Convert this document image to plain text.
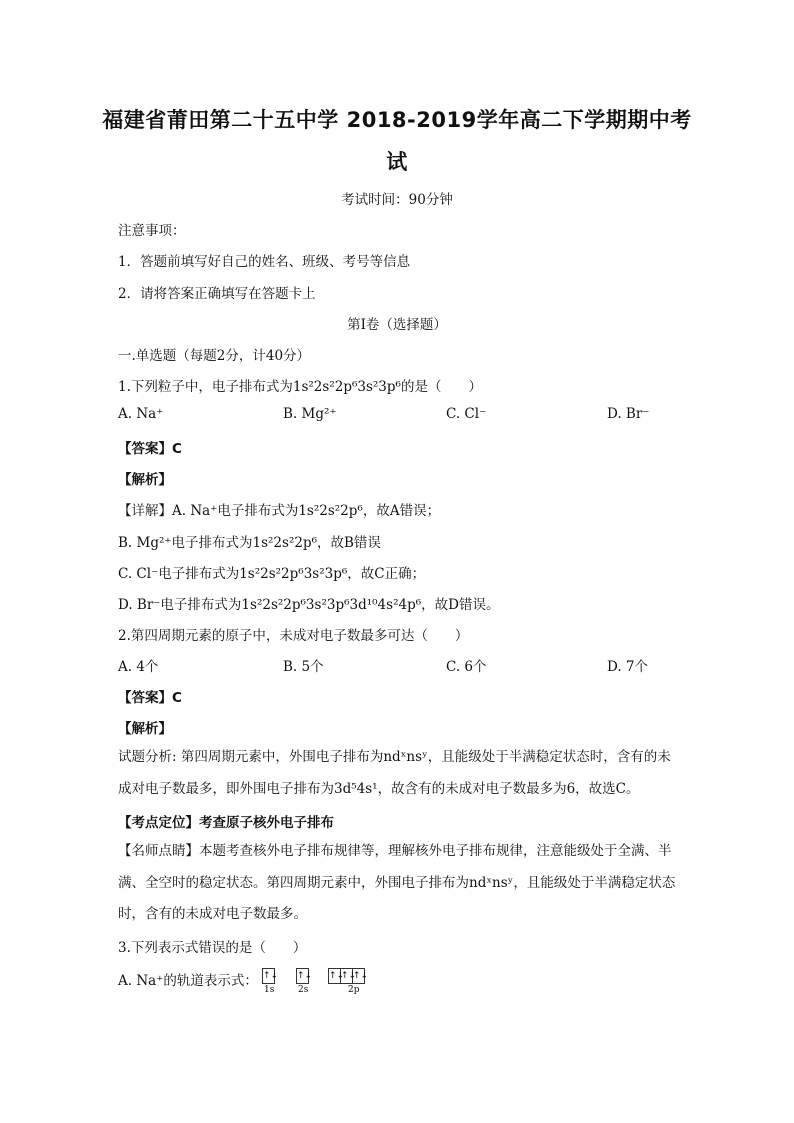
福建省莆田第二十五中学 2018-2019学年高二下学期期中考
试
考试时间：90分钟
注意事项：
1．答题前填写好自己的姓名、班级、考号等信息
2．请将答案正确填写在答题卡上
第I卷（选择题）
一.单选题（每题2分，计40分）
1.下列粒子中，电子排布式为1s²2s²2p⁶3s²3p⁶的是（　　）
A. Na⁺	B. Mg²⁺	C. Cl⁻	D. Br⁻
【答案】C
【解析】
【详解】A. Na⁺电子排布式为1s²2s²2p⁶，故A错误；
B. Mg²⁺电子排布式为1s²2s²2p⁶，故B错误
C. Cl⁻电子排布式为1s²2s²2p⁶3s²3p⁶，故C正确；
D. Br⁻电子排布式为1s²2s²2p⁶3s²3p⁶3d¹⁰4s²4p⁶，故D错误。
2.第四周期元素的原子中，未成对电子数最多可达（　　）
A. 4个	B. 5个	C. 6个	D. 7个
【答案】C
【解析】
试题分析: 第四周期元素中，外围电子排布为ndˣnsʸ，且能级处于半满稳定状态时，含有的未成对电子数最多，即外围电子排布为3d⁵4s¹，故含有的未成对电子数最多为6，故选C。
【考点定位】考查原子核外电子排布
【名师点睛】本题考查核外电子排布规律等，理解核外电子排布规律，注意能级处于全满、半满、全空时的稳定状态。第四周期元素中，外围电子排布为ndˣnsʸ，且能级处于半满稳定状态时，含有的未成对电子数最多。
3.下列表示式错误的是（　　）
A. Na⁺的轨道表示式： ↑↓
1s
↑↓
2s
↑↓
↑↓
↑↓
2p
